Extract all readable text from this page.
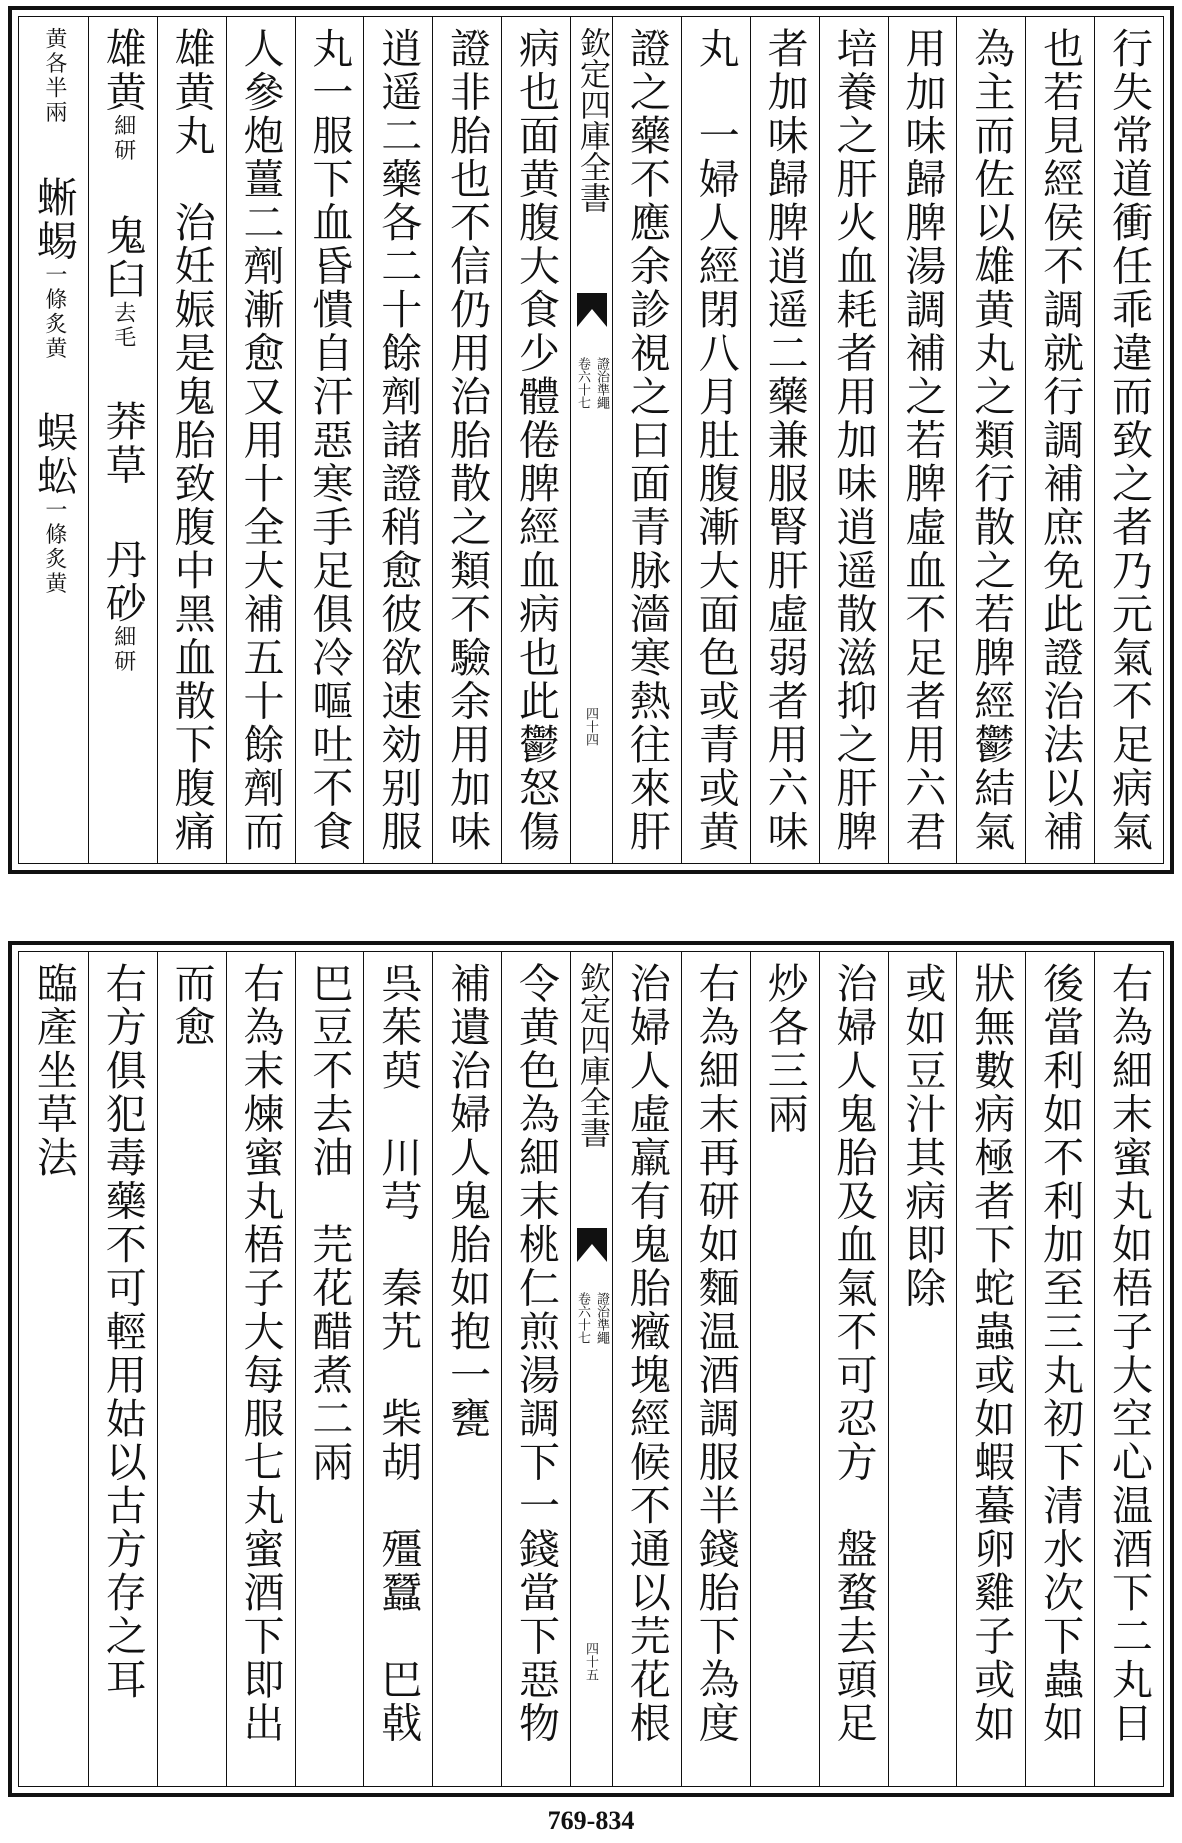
行失常道衝任乖違而致之者乃元氣不足病氣
也若見經侯不調就行調補庶免此證治法以補
為主而佐以雄黄丸之類行散之若脾經鬱結氣
用加味歸脾湯調補之若脾虛血不足者用六君
培養之肝火血耗者用加味逍遥散滋抑之肝脾
者加味歸脾逍遥二藥兼服腎肝虛弱者用六味
丸　一婦人經閉八月肚腹漸大面色或青或黄
證之藥不應余診視之曰面青脉濇寒熱往來肝
欽定四庫全書
證治準繩
卷六十七
四十四
病也面黄腹大食少體倦脾經血病也此鬱怒傷
證非胎也不信仍用治胎散之類不驗余用加味
逍遥二藥各二十餘劑諸證稍愈彼欲速効别服
丸一服下血昏憒自汗惡寒手足俱冷嘔吐不食
人參炮薑二劑漸愈又用十全大補五十餘劑而
雄黄丸　治妊娠是鬼胎致腹中黑血散下腹痛
雄黄細研 鬼臼去毛 莽草 丹砂細研
黄各半兩 蜥蜴一條炙黄 蜈蚣一條炙黄
右為細末蜜丸如梧子大空心温酒下二丸日
後當利如不利加至三丸初下清水次下蟲如
狀無數病極者下蛇蟲或如蝦蟇卵雞子或如
或如豆汁其病即除
治婦人鬼胎及血氣不可忍方　盤蝥去頭足　
炒各三兩
右為細末再研如麵温酒調服半錢胎下為度
治婦人虛羸有鬼胎癥塊經候不通以芫花根
欽定四庫全書
證治準繩
卷六十七
四十五
令黄色為細末桃仁煎湯調下一錢當下惡物
補遺治婦人鬼胎如抱一甕
呉茱萸　川芎　秦艽　柴胡　殭蠶　巴戟
巴豆不去油　芫花醋煮二兩
右為末煉蜜丸梧子大每服七丸蜜酒下即出
而愈
右方俱犯毒藥不可輕用姑以古方存之耳
臨產坐草法
769-834
